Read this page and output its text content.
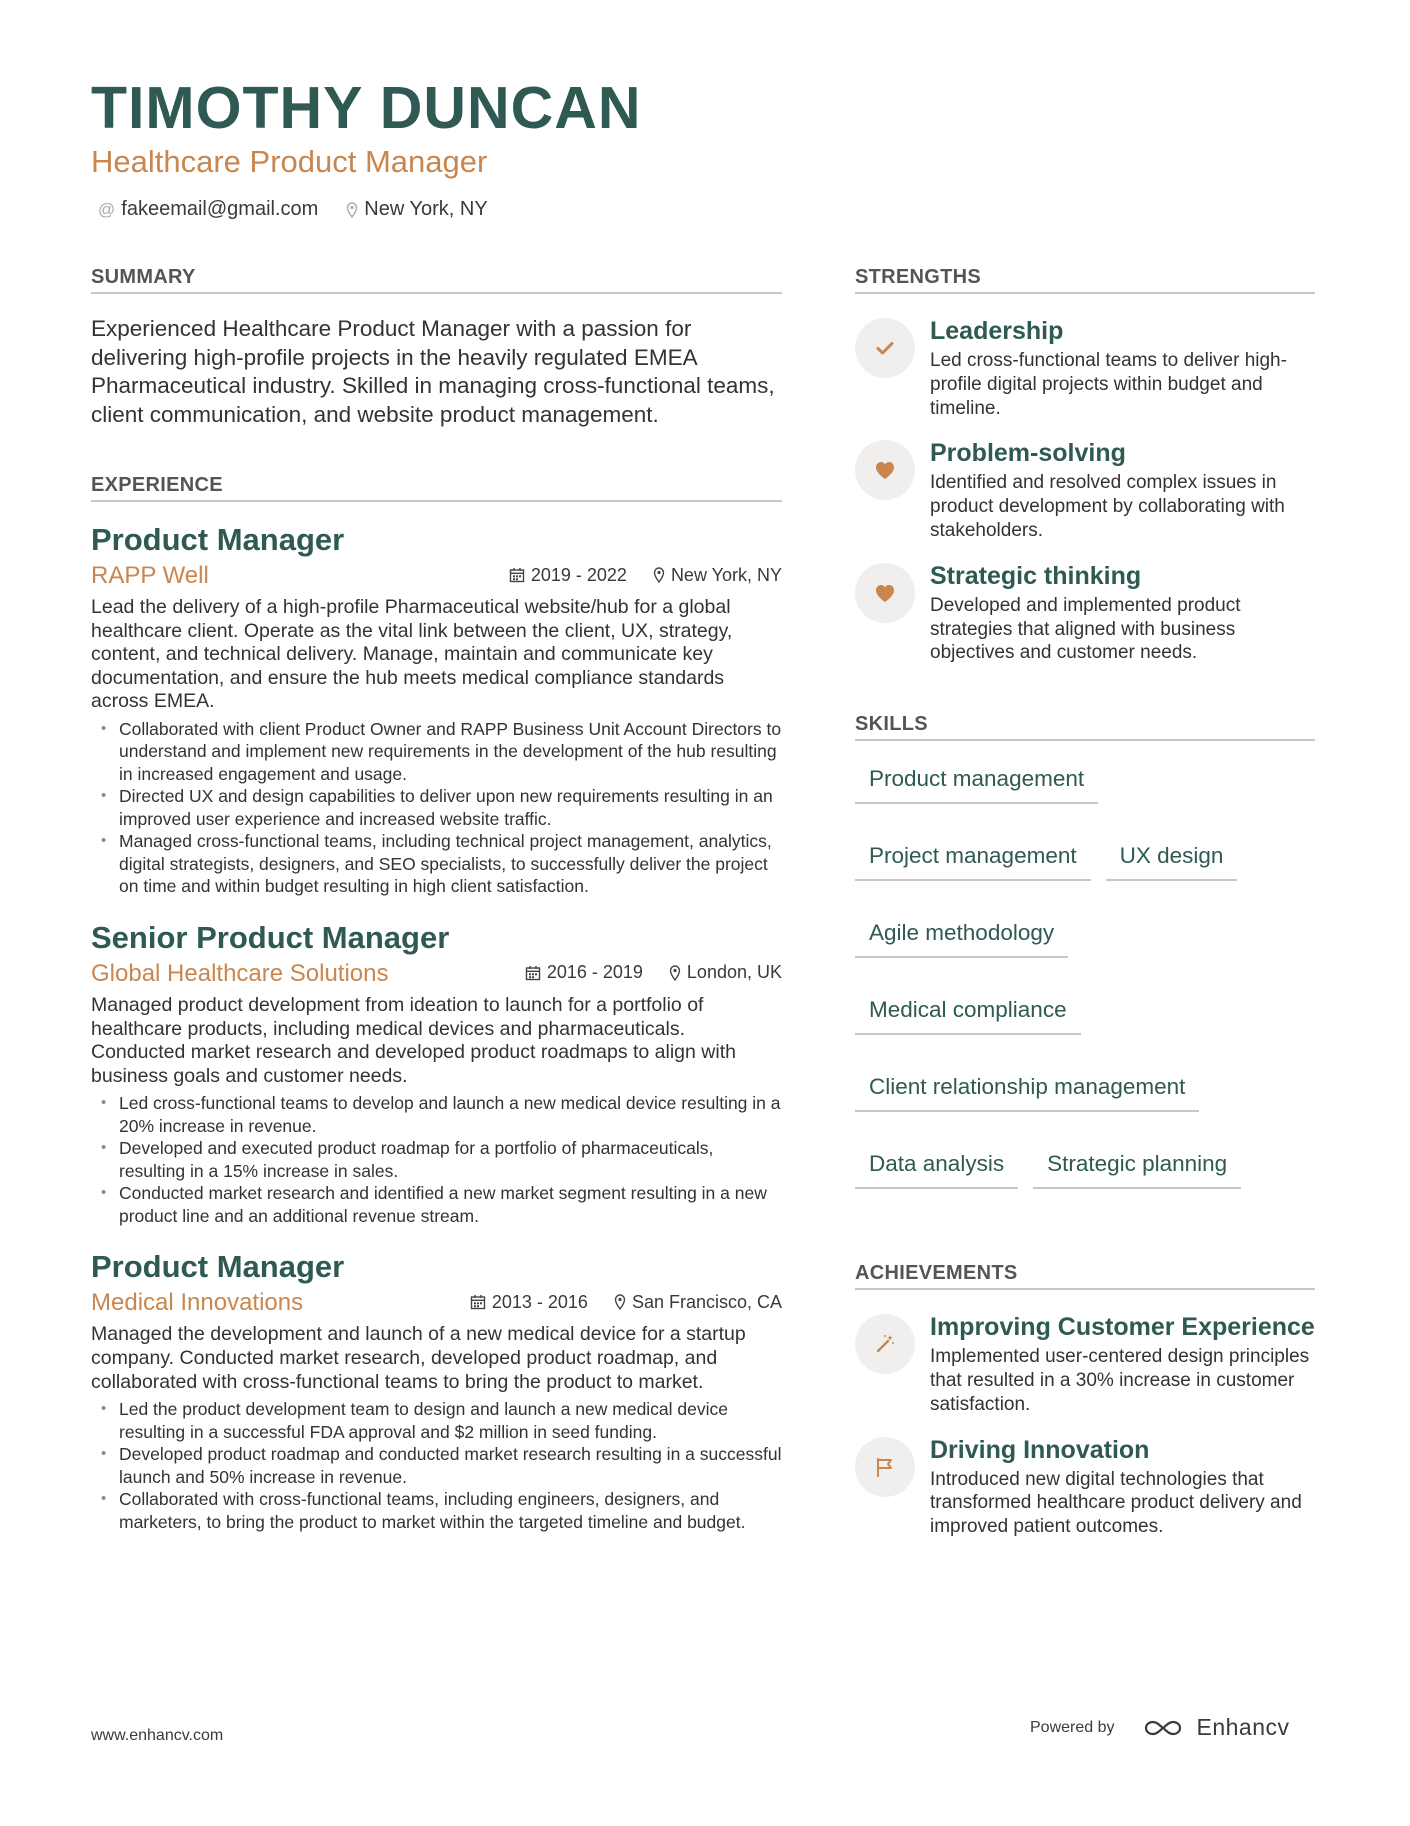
TIMOTHY DUNCAN
Healthcare Product Manager
@ fakeemail@gmail.com New York, NY
SUMMARY

Experienced Healthcare Product Manager with a passion for delivering high-profile projects in the heavily regulated EMEA Pharmaceutical industry. Skilled in managing cross-functional teams, client communication, and website product management.

EXPERIENCE
Product Manager
RAPP Well	2019 - 2022 New York, NY

Lead the delivery of a high-profile Pharmaceutical website/hub for a global healthcare client. Operate as the vital link between the client, UX, strategy, content, and technical delivery. Manage, maintain and communicate key documentation, and ensure the hub meets medical compliance standards across EMEA.

• Collaborated with client Product Owner and RAPP Business Unit Account Directors to understand and implement new requirements in the development of the hub resulting in increased engagement and usage.
• Directed UX and design capabilities to deliver upon new requirements resulting in an improved user experience and increased website traffic.
• Managed cross-functional teams, including technical project management, analytics, digital strategists, designers, and SEO specialists, to successfully deliver the project on time and within budget resulting in high client satisfaction.
Senior Product Manager
Global Healthcare Solutions	2016 - 2019 London, UK

Managed product development from ideation to launch for a portfolio of healthcare products, including medical devices and pharmaceuticals. Conducted market research and developed product roadmaps to align with business goals and customer needs.

• Led cross-functional teams to develop and launch a new medical device resulting in a 20% increase in revenue.
• Developed and executed product roadmap for a portfolio of pharmaceuticals, resulting in a 15% increase in sales.
• Conducted market research and identified a new market segment resulting in a new product line and an additional revenue stream.
Product Manager
Medical Innovations	2013 - 2016 San Francisco, CA

Managed the development and launch of a new medical device for a startup company. Conducted market research, developed product roadmap, and collaborated with cross-functional teams to bring the product to market.

• Led the product development team to design and launch a new medical device resulting in a successful FDA approval and $2 million in seed funding.
• Developed product roadmap and conducted market research resulting in a successful launch and 50% increase in revenue.
• Collaborated with cross-functional teams, including engineers, designers, and marketers, to bring the product to market within the targeted timeline and budget.
STRENGTHS
Leadership

Led cross-functional teams to deliver high-profile digital projects within budget and timeline.

Problem-solving

Identified and resolved complex issues in product development by collaborating with stakeholders.

Strategic thinking

Developed and implemented product strategies that aligned with business objectives and customer needs.

SKILLS
Product management
Project management	UX design
Agile methodology
Medical compliance
Client relationship management
Data analysis	Strategic planning
ACHIEVEMENTS
Improving Customer Experience

Implemented user-centered design principles that resulted in a 30% increase in customer satisfaction.

Driving Innovation

Introduced new digital technologies that transformed healthcare product delivery and improved patient outcomes.

www.enhancv.com	Powered by	Enhancv
